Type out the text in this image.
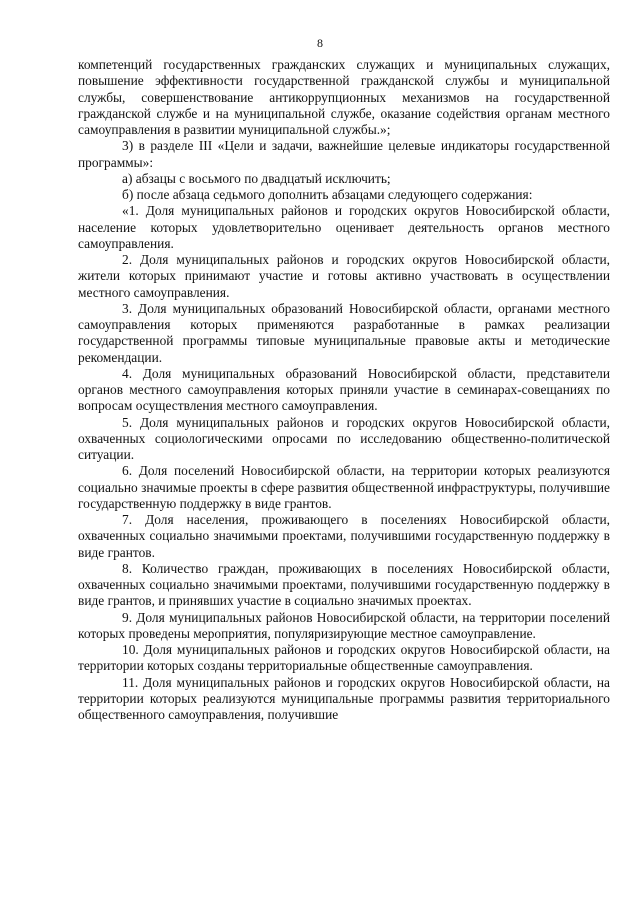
8

компетенций государственных гражданских служащих и муниципальных служащих, повышение эффективности государственной гражданской службы и муниципальной службы, совершенствование антикоррупционных механизмов на государственной гражданской службе и на муниципальной службе, оказание содействия органам местного самоуправления в развитии муниципальной службы.»;

3) в разделе III «Цели и задачи, важнейшие целевые индикаторы государственной программы»:

а) абзацы с восьмого по двадцатый исключить;

б) после абзаца седьмого дополнить абзацами следующего содержания:

«1. Доля муниципальных районов и городских округов Новосибирской области, население которых удовлетворительно оценивает деятельность органов местного самоуправления.

2. Доля муниципальных районов и городских округов Новосибирской области, жители которых принимают участие и готовы активно участвовать в осуществлении местного самоуправления.

3. Доля муниципальных образований Новосибирской области, органами местного самоуправления которых применяются разработанные в рамках реализации государственной программы типовые муниципальные правовые акты и методические рекомендации.

4. Доля муниципальных образований Новосибирской области, представители органов местного самоуправления которых приняли участие в семинарах-совещаниях по вопросам осуществления местного самоуправления.

5. Доля муниципальных районов и городских округов Новосибирской области, охваченных социологическими опросами по исследованию общественно-политической ситуации.

6. Доля поселений Новосибирской области, на территории которых реализуются социально значимые проекты в сфере развития общественной инфраструктуры, получившие государственную поддержку в виде грантов.

7. Доля населения, проживающего в поселениях Новосибирской области, охваченных социально значимыми проектами, получившими государственную поддержку в виде грантов.

8. Количество граждан, проживающих в поселениях Новосибирской области, охваченных социально значимыми проектами, получившими государственную поддержку в виде грантов, и принявших участие в социально значимых проектах.

9. Доля муниципальных районов Новосибирской области, на территории поселений которых проведены мероприятия, популяризирующие местное самоуправление.

10. Доля муниципальных районов и городских округов Новосибирской области, на территории которых созданы территориальные общественные самоуправления.

11. Доля муниципальных районов и городских округов Новосибирской области, на территории которых реализуются муниципальные программы развития территориального общественного самоуправления, получившие
